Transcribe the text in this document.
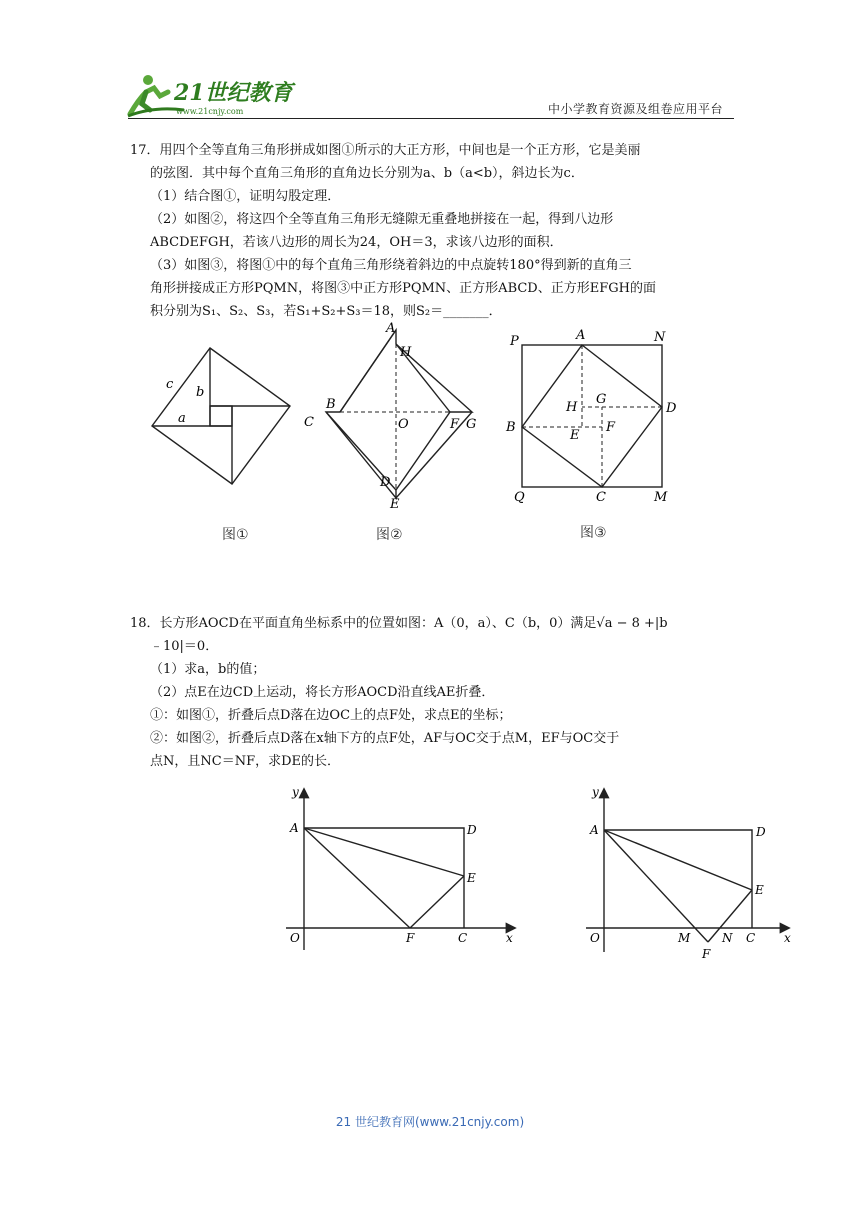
21世纪教育
www.21cnjy.com	中小学教育资源及组卷应用平台
17．用四个全等直角三角形拼成如图①所示的大正方形，中间也是一个正方形，它是美丽
的弦图．其中每个直角三角形的直角边长分别为a、b（a<b），斜边长为c．
（1）结合图①，证明勾股定理．
（2）如图②，将这四个全等直角三角形无缝隙无重叠地拼接在一起，得到八边形
ABCDEFGH，若该八边形的周长为24，OH＝3，求该八边形的面积．
（3）如图③，将图①中的每个直角三角形绕着斜边的中点旋转180°得到新的直角三
角形拼接成正方形PQMN，将图③中正方形PQMN、正方形ABCD、正方形EFGH的面
积分别为S₁、S₂、S₃，若S₁+S₂+S₃＝18，则S₂＝_______．
c
b
a
图①
A
H
B
C	O	F G
D
E
图②
P	A	N
G
H	D
B	F
E
Q	C	M
图③
18．长方形AOCD在平面直角坐标系中的位置如图：A（0，a）、C（b，0）满足√a − 8 +|b
﹣10|＝0．
（1）求a，b的值；
（2）点E在边CD上运动，将长方形AOCD沿直线AE折叠．
①：如图①，折叠后点D落在边OC上的点F处，求点E的坐标；
②：如图②，折叠后点D落在x轴下方的点F处，AF与OC交于点M，EF与OC交于
点N，且NC＝NF，求DE的长．
y
A	D
E
O	F	C	x
y
A	D
E
O	M	N C x
F
21 世纪教育网(www.21cnjy.com)
